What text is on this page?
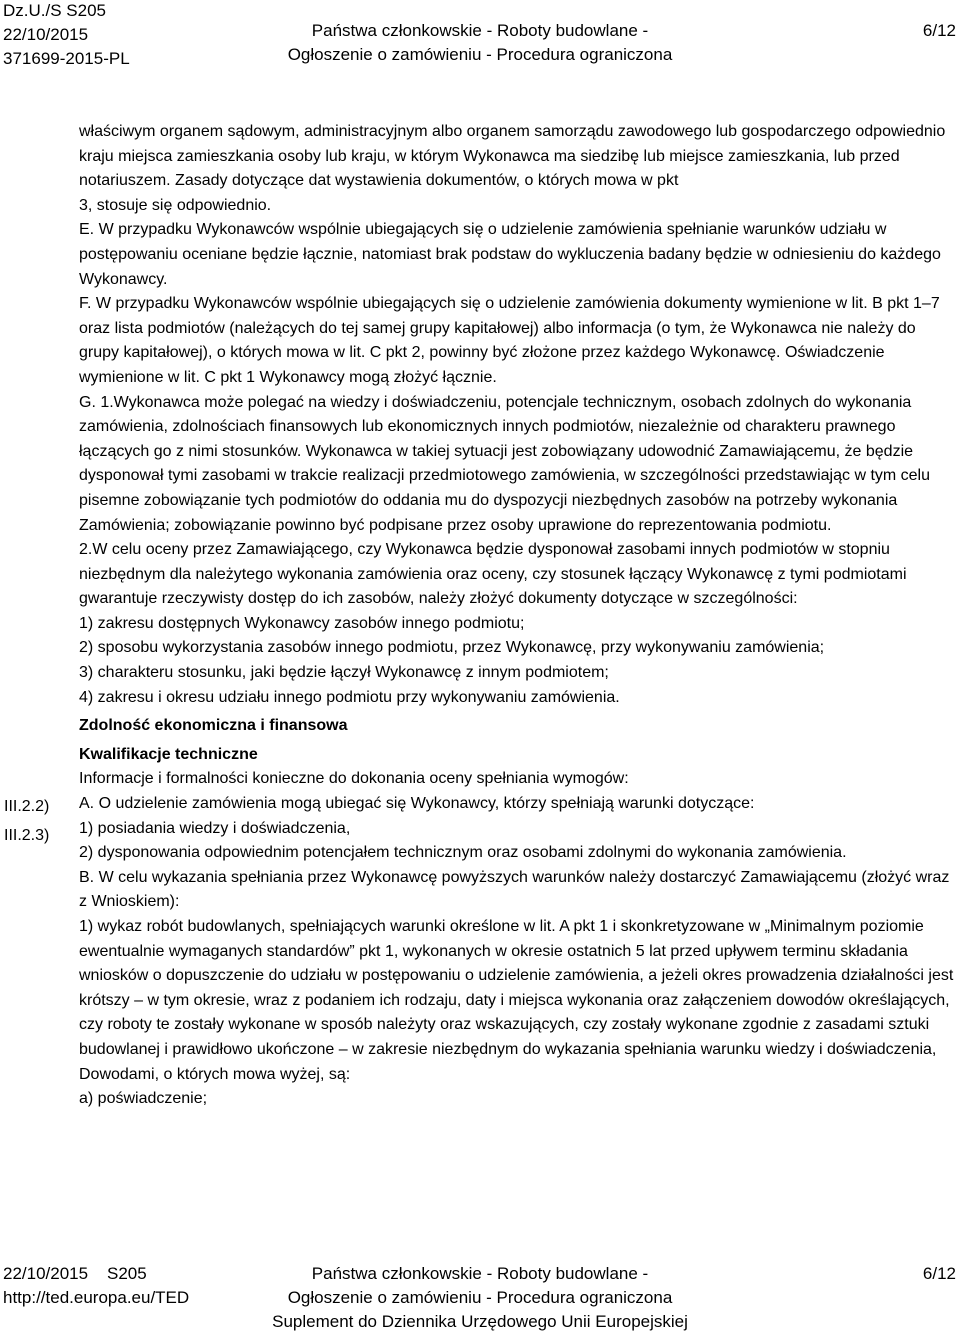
Dz.U./S S205
22/10/2015
371699-2015-PL
Państwa członkowskie - Roboty budowlane -
Ogłoszenie o zamówieniu - Procedura ograniczona
6/12
III.2.2)
III.2.3)

właściwym organem sądowym, administracyjnym albo organem samorządu zawodowego lub gospodarczego odpowiednio kraju miejsca zamieszkania osoby lub kraju, w którym Wykonawca ma siedzibę lub miejsce zamieszkania, lub przed notariuszem. Zasady dotyczące dat wystawienia dokumentów, o których mowa w pkt

3, stosuje się odpowiednio.

E. W przypadku Wykonawców wspólnie ubiegających się o udzielenie zamówienia spełnianie warunków udziału w postępowaniu oceniane będzie łącznie, natomiast brak podstaw do wykluczenia badany będzie w odniesieniu do każdego Wykonawcy.

F. W przypadku Wykonawców wspólnie ubiegających się o udzielenie zamówienia dokumenty wymienione w lit. B pkt 1–7 oraz lista podmiotów (należących do tej samej grupy kapitałowej) albo informacja (o tym, że Wykonawca nie należy do grupy kapitałowej), o których mowa w lit. C pkt 2, powinny być złożone przez każdego Wykonawcę. Oświadczenie wymienione w lit. C pkt 1 Wykonawcy mogą złożyć łącznie.

G. 1.Wykonawca może polegać na wiedzy i doświadczeniu, potencjale technicznym, osobach zdolnych do wykonania zamówienia, zdolnościach finansowych lub ekonomicznych innych podmiotów, niezależnie od charakteru prawnego łączących go z nimi stosunków. Wykonawca w takiej sytuacji jest zobowiązany udowodnić Zamawiającemu, że będzie dysponował tymi zasobami w trakcie realizacji przedmiotowego zamówienia, w szczególności przedstawiając w tym celu pisemne zobowiązanie tych podmiotów do oddania mu do dyspozycji niezbędnych zasobów na potrzeby wykonania Zamówienia; zobowiązanie powinno być podpisane przez osoby uprawione do reprezentowania podmiotu.

2.W celu oceny przez Zamawiającego, czy Wykonawca będzie dysponował zasobami innych podmiotów w stopniu niezbędnym dla należytego wykonania zamówienia oraz oceny, czy stosunek łączący Wykonawcę z tymi podmiotami gwarantuje rzeczywisty dostęp do ich zasobów, należy złożyć dokumenty dotyczące w szczególności:

1) zakresu dostępnych Wykonawcy zasobów innego podmiotu;

2) sposobu wykorzystania zasobów innego podmiotu, przez Wykonawcę, przy wykonywaniu zamówienia;

3) charakteru stosunku, jaki będzie łączył Wykonawcę z innym podmiotem;

4) zakresu i okresu udziału innego podmiotu przy wykonywaniu zamówienia.

Zdolność ekonomiczna i finansowa

Kwalifikacje techniczne

Informacje i formalności konieczne do dokonania oceny spełniania wymogów:

A. O udzielenie zamówienia mogą ubiegać się Wykonawcy, którzy spełniają warunki dotyczące:

1) posiadania wiedzy i doświadczenia,

2) dysponowania odpowiednim potencjałem technicznym oraz osobami zdolnymi do wykonania zamówienia.

B. W celu wykazania spełniania przez Wykonawcę powyższych warunków należy dostarczyć Zamawiającemu (złożyć wraz z Wnioskiem):

1) wykaz robót budowlanych, spełniających warunki określone w lit. A pkt 1 i skonkretyzowane w „Minimalnym poziomie ewentualnie wymaganych standardów” pkt 1, wykonanych w okresie ostatnich 5 lat przed upływem terminu składania wniosków o dopuszczenie do udziału w postępowaniu o udzielenie zamówienia, a jeżeli okres prowadzenia działalności jest krótszy – w tym okresie, wraz z podaniem ich rodzaju, daty i miejsca wykonania oraz załączeniem dowodów określających, czy roboty te zostały wykonane w sposób należyty oraz wskazujących, czy zostały wykonane zgodnie z zasadami sztuki budowlanej i prawidłowo ukończone – w zakresie niezbędnym do wykazania spełniania warunku wiedzy i doświadczenia,

Dowodami, o których mowa wyżej, są:

a) poświadczenie;

22/10/2015 S205
http://ted.europa.eu/TED
Państwa członkowskie - Roboty budowlane -
Ogłoszenie o zamówieniu - Procedura ograniczona
Suplement do Dziennika Urzędowego Unii Europejskiej
6/12
